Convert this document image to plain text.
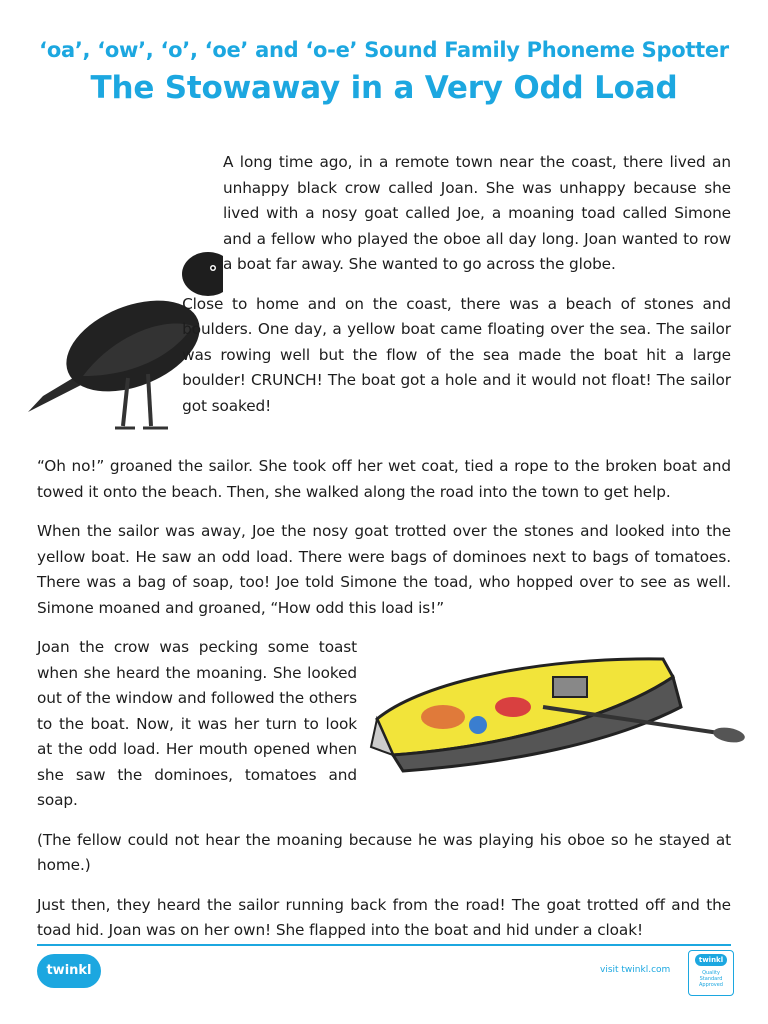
‘oa’, ‘ow’, ‘o’, ‘oe’ and ‘o-e’ Sound Family Phoneme Spotter
The Stowaway in a Very Odd Load

A long time ago, in a remote town near the coast, there lived an unhappy black crow called Joan. She was unhappy because she lived with a nosy goat called Joe, a moaning toad called Simone and a fellow who played the oboe all day long. Joan wanted to row a boat far away. She wanted to go across the globe.

Close to home and on the coast, there was a beach of stones and boulders. One day, a yellow boat came floating over the sea. The sailor was rowing well but the flow of the sea made the boat hit a large boulder! CRUNCH! The boat got a hole and it would not float! The sailor got soaked!

“Oh no!” groaned the sailor. She took off her wet coat, tied a rope to the broken boat and towed it onto the beach. Then, she walked along the road into the town to get help.

When the sailor was away, Joe the nosy goat trotted over the stones and looked into the yellow boat. He saw an odd load. There were bags of dominoes next to bags of tomatoes. There was a bag of soap, too! Joe told Simone the toad, who hopped over to see as well. Simone moaned and groaned, “How odd this load is!”

Joan the crow was pecking some toast when she heard the moaning. She looked out of the window and followed the others to the boat. Now, it was her turn to look at the odd load. Her mouth opened when she saw the dominoes, tomatoes and soap.

(The fellow could not hear the moaning because he was playing his oboe so he stayed at home.)

Just then, they heard the sailor running back from the road! The goat trotted off and the toad hid. Joan was on her own! She flapped into the boat and hid under a cloak!

twinkl	visit twinkl.com
twinkl
Quality Standard Approved
